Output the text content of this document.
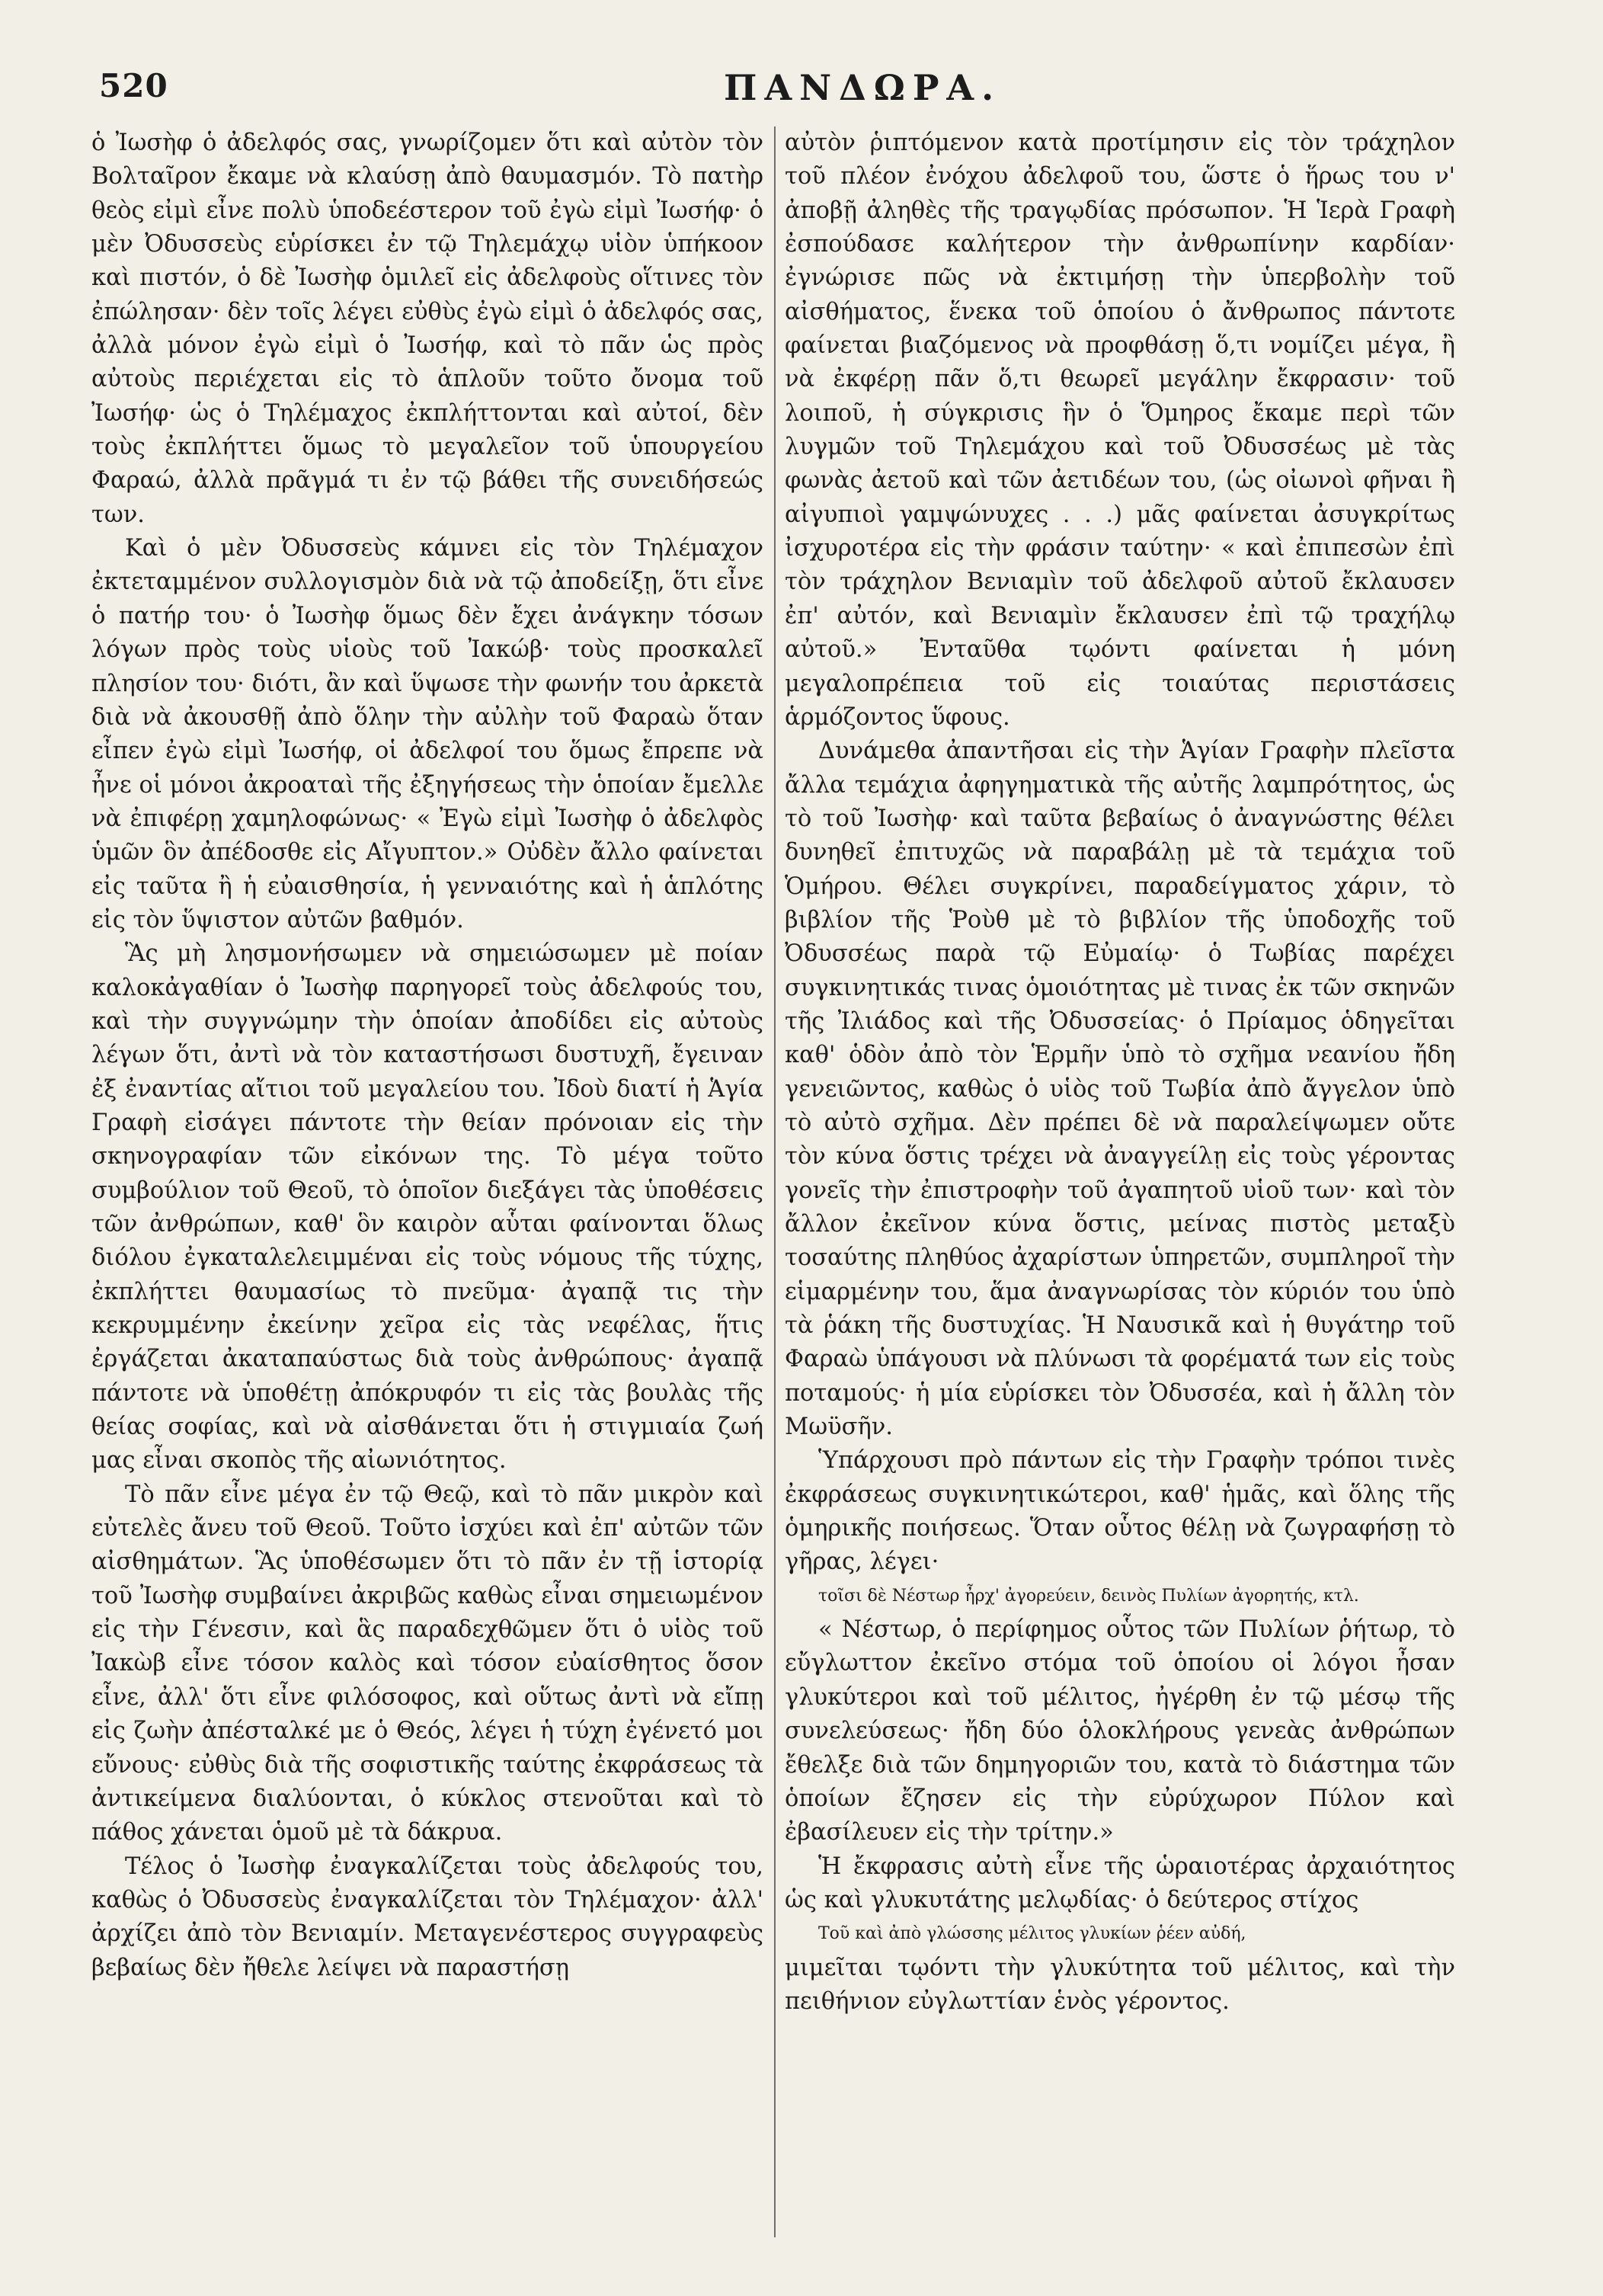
520	ΠΑΝΔΩΡΑ.

ὁ Ἰωσὴφ ὁ ἀδελφός σας, γνωρίζομεν ὅτι καὶ αὐτὸν τὸν Βολταῖρον ἔκαμε νὰ κλαύσῃ ἀπὸ θαυμασμόν. Τὸ πατὴρ θεὸς εἰμὶ εἶνε πολὺ ὑποδεέστερον τοῦ ἐγὼ εἰμὶ Ἰωσήφ· ὁ μὲν Ὀδυσσεὺς εὑρίσκει ἐν τῷ Τηλεμάχῳ υἱὸν ὑπήκοον καὶ πιστόν, ὁ δὲ Ἰωσὴφ ὁμιλεῖ εἰς ἀδελφοὺς οἵτινες τὸν ἐπώλησαν· δὲν τοῖς λέγει εὐθὺς ἐγὼ εἰμὶ ὁ ἀδελφός σας, ἀλλὰ μόνον ἐγὼ εἰμὶ ὁ Ἰωσήφ, καὶ τὸ πᾶν ὡς πρὸς αὐτοὺς περιέχεται εἰς τὸ ἁπλοῦν τοῦτο ὄνομα τοῦ Ἰωσήφ· ὡς ὁ Τηλέμαχος ἐκπλήττονται καὶ αὐτοί, δὲν τοὺς ἐκπλήττει ὅμως τὸ μεγαλεῖον τοῦ ὑπουργείου Φαραώ, ἀλλὰ πρᾶγμά τι ἐν τῷ βάθει τῆς συνειδήσεώς των.

Καὶ ὁ μὲν Ὀδυσσεὺς κάμνει εἰς τὸν Τηλέμαχον ἐκτεταμμένον συλλογισμὸν διὰ νὰ τῷ ἀποδείξῃ, ὅτι εἶνε ὁ πατήρ του· ὁ Ἰωσὴφ ὅμως δὲν ἔχει ἀνάγκην τόσων λόγων πρὸς τοὺς υἱοὺς τοῦ Ἰακώβ· τοὺς προσκαλεῖ πλησίον του· διότι, ἂν καὶ ὕψωσε τὴν φωνήν του ἀρκετὰ διὰ νὰ ἀκουσθῇ ἀπὸ ὅλην τὴν αὐλὴν τοῦ Φαραὼ ὅταν εἶπεν ἐγὼ εἰμὶ Ἰωσήφ, οἱ ἀδελφοί του ὅμως ἔπρεπε νὰ ἦνε οἱ μόνοι ἀκροαταὶ τῆς ἐξηγήσεως τὴν ὁποίαν ἔμελλε νὰ ἐπιφέρῃ χαμηλοφώνως· « Ἐγὼ εἰμὶ Ἰωσὴφ ὁ ἀδελφὸς ὑμῶν ὃν ἀπέδοσθε εἰς Αἴγυπτον.» Οὐδὲν ἄλλο φαίνεται εἰς ταῦτα ἢ ἡ εὐαισθησία, ἡ γενναιότης καὶ ἡ ἁπλότης εἰς τὸν ὕψιστον αὐτῶν βαθμόν.

Ἃς μὴ λησμονήσωμεν νὰ σημειώσωμεν μὲ ποίαν καλοκἀγαθίαν ὁ Ἰωσὴφ παρηγορεῖ τοὺς ἀδελφούς του, καὶ τὴν συγγνώμην τὴν ὁποίαν ἀποδίδει εἰς αὐτοὺς λέγων ὅτι, ἀντὶ νὰ τὸν καταστήσωσι δυστυχῆ, ἔγειναν ἐξ ἐναντίας αἴτιοι τοῦ μεγαλείου του. Ἰδοὺ διατί ἡ Ἁγία Γραφὴ εἰσάγει πάντοτε τὴν θείαν πρόνοιαν εἰς τὴν σκηνογραφίαν τῶν εἰκόνων της. Τὸ μέγα τοῦτο συμβούλιον τοῦ Θεοῦ, τὸ ὁποῖον διεξάγει τὰς ὑποθέσεις τῶν ἀνθρώπων, καθ' ὃν καιρὸν αὗται φαίνονται ὅλως διόλου ἐγκαταλελειμμέναι εἰς τοὺς νόμους τῆς τύχης, ἐκπλήττει θαυμασίως τὸ πνεῦμα· ἀγαπᾷ τις τὴν κεκρυμμένην ἐκείνην χεῖρα εἰς τὰς νεφέλας, ἥτις ἐργάζεται ἀκαταπαύστως διὰ τοὺς ἀνθρώπους· ἀγαπᾷ πάντοτε νὰ ὑποθέτῃ ἀπόκρυφόν τι εἰς τὰς βουλὰς τῆς θείας σοφίας, καὶ νὰ αἰσθάνεται ὅτι ἡ στιγμιαία ζωή μας εἶναι σκοπὸς τῆς αἰωνιότητος.

Τὸ πᾶν εἶνε μέγα ἐν τῷ Θεῷ, καὶ τὸ πᾶν μικρὸν καὶ εὐτελὲς ἄνευ τοῦ Θεοῦ. Τοῦτο ἰσχύει καὶ ἐπ' αὐτῶν τῶν αἰσθημάτων. Ἃς ὑποθέσωμεν ὅτι τὸ πᾶν ἐν τῇ ἱστορίᾳ τοῦ Ἰωσὴφ συμβαίνει ἀκριβῶς καθὼς εἶναι σημειωμένον εἰς τὴν Γένεσιν, καὶ ἃς παραδεχθῶμεν ὅτι ὁ υἱὸς τοῦ Ἰακὼβ εἶνε τόσον καλὸς καὶ τόσον εὐαίσθητος ὅσον εἶνε, ἀλλ' ὅτι εἶνε φιλόσοφος, καὶ οὕτως ἀντὶ νὰ εἴπῃ εἰς ζωὴν ἀπέσταλκέ με ὁ Θεός, λέγει ἡ τύχη ἐγένετό μοι εὔνους· εὐθὺς διὰ τῆς σοφιστικῆς ταύτης ἐκφράσεως τὰ ἀντικείμενα διαλύονται, ὁ κύκλος στενοῦται καὶ τὸ πάθος χάνεται ὁμοῦ μὲ τὰ δάκρυα.

Τέλος ὁ Ἰωσὴφ ἐναγκαλίζεται τοὺς ἀδελφούς του, καθὼς ὁ Ὀδυσσεὺς ἐναγκαλίζεται τὸν Τηλέμαχον· ἀλλ' ἀρχίζει ἀπὸ τὸν Βενιαμίν. Μεταγενέστερος συγγραφεὺς βεβαίως δὲν ἤθελε λείψει νὰ παραστήσῃ

αὐτὸν ῥιπτόμενον κατὰ προτίμησιν εἰς τὸν τράχηλον τοῦ πλέον ἐνόχου ἀδελφοῦ του, ὥστε ὁ ἥρως του ν' ἀποβῇ ἀληθὲς τῆς τραγῳδίας πρόσωπον. Ἡ Ἱερὰ Γραφὴ ἐσπούδασε καλήτερον τὴν ἀνθρωπίνην καρδίαν· ἐγνώρισε πῶς νὰ ἐκτιμήσῃ τὴν ὑπερβολὴν τοῦ αἰσθήματος, ἕνεκα τοῦ ὁποίου ὁ ἄνθρωπος πάντοτε φαίνεται βιαζόμενος νὰ προφθάσῃ ὅ,τι νομίζει μέγα, ἢ νὰ ἐκφέρῃ πᾶν ὅ,τι θεωρεῖ μεγάλην ἔκφρασιν· τοῦ λοιποῦ, ἡ σύγκρισις ἣν ὁ Ὅμηρος ἔκαμε περὶ τῶν λυγμῶν τοῦ Τηλεμάχου καὶ τοῦ Ὀδυσσέως μὲ τὰς φωνὰς ἀετοῦ καὶ τῶν ἀετιδέων του, (ὡς οἰωνοὶ φῆναι ἢ αἰγυπιοὶ γαμψώνυχες . . .) μᾶς φαίνεται ἀσυγκρίτως ἰσχυροτέρα εἰς τὴν φράσιν ταύτην· « καὶ ἐπιπεσὼν ἐπὶ τὸν τράχηλον Βενιαμὶν τοῦ ἀδελφοῦ αὐτοῦ ἔκλαυσεν ἐπ' αὐτόν, καὶ Βενιαμὶν ἔκλαυσεν ἐπὶ τῷ τραχήλῳ αὐτοῦ.» Ἐνταῦθα τῳόντι φαίνεται ἡ μόνη μεγαλοπρέπεια τοῦ εἰς τοιαύτας περιστάσεις ἁρμόζοντος ὕφους.

Δυνάμεθα ἀπαντῆσαι εἰς τὴν Ἁγίαν Γραφὴν πλεῖστα ἄλλα τεμάχια ἀφηγηματικὰ τῆς αὐτῆς λαμπρότητος, ὡς τὸ τοῦ Ἰωσὴφ· καὶ ταῦτα βεβαίως ὁ ἀναγνώστης θέλει δυνηθεῖ ἐπιτυχῶς νὰ παραβάλῃ μὲ τὰ τεμάχια τοῦ Ὁμήρου. Θέλει συγκρίνει, παραδείγματος χάριν, τὸ βιβλίον τῆς Ῥοὺθ μὲ τὸ βιβλίον τῆς ὑποδοχῆς τοῦ Ὀδυσσέως παρὰ τῷ Εὐμαίῳ· ὁ Τωβίας παρέχει συγκινητικάς τινας ὁμοιότητας μὲ τινας ἐκ τῶν σκηνῶν τῆς Ἰλιάδος καὶ τῆς Ὀδυσσείας· ὁ Πρίαμος ὁδηγεῖται καθ' ὁδὸν ἀπὸ τὸν Ἑρμῆν ὑπὸ τὸ σχῆμα νεανίου ἤδη γενειῶντος, καθὼς ὁ υἱὸς τοῦ Τωβία ἀπὸ ἄγγελον ὑπὸ τὸ αὐτὸ σχῆμα. Δὲν πρέπει δὲ νὰ παραλείψωμεν οὔτε τὸν κύνα ὅστις τρέχει νὰ ἀναγγείλῃ εἰς τοὺς γέροντας γονεῖς τὴν ἐπιστροφὴν τοῦ ἀγαπητοῦ υἱοῦ των· καὶ τὸν ἄλλον ἐκεῖνον κύνα ὅστις, μείνας πιστὸς μεταξὺ τοσαύτης πληθύος ἀχαρίστων ὑπηρετῶν, συμπληροῖ τὴν εἱμαρμένην του, ἅμα ἀναγνωρίσας τὸν κύριόν του ὑπὸ τὰ ῥάκη τῆς δυστυχίας. Ἡ Ναυσικᾶ καὶ ἡ θυγάτηρ τοῦ Φαραὼ ὑπάγουσι νὰ πλύνωσι τὰ φορέματά των εἰς τοὺς ποταμούς· ἡ μία εὑρίσκει τὸν Ὀδυσσέα, καὶ ἡ ἄλλη τὸν Μωϋσῆν.

Ὑπάρχουσι πρὸ πάντων εἰς τὴν Γραφὴν τρόποι τινὲς ἐκφράσεως συγκινητικώτεροι, καθ' ἡμᾶς, καὶ ὅλης τῆς ὁμηρικῆς ποιήσεως. Ὅταν οὗτος θέλῃ νὰ ζωγραφήσῃ τὸ γῆρας, λέγει·

τοῖσι δὲ Νέστωρ ἦρχ' ἀγορεύειν, δεινὸς Πυλίων ἀγορητής, κτλ.

« Νέστωρ, ὁ περίφημος οὗτος τῶν Πυλίων ῥήτωρ, τὸ εὔγλωττον ἐκεῖνο στόμα τοῦ ὁποίου οἱ λόγοι ἦσαν γλυκύτεροι καὶ τοῦ μέλιτος, ἠγέρθη ἐν τῷ μέσῳ τῆς συνελεύσεως· ἤδη δύο ὁλοκλήρους γενεὰς ἀνθρώπων ἔθελξε διὰ τῶν δημηγοριῶν του, κατὰ τὸ διάστημα τῶν ὁποίων ἔζησεν εἰς τὴν εὐρύχωρον Πύλον καὶ ἐβασίλευεν εἰς τὴν τρίτην.»

Ἡ ἔκφρασις αὐτὴ εἶνε τῆς ὡραιοτέρας ἀρχαιότητος ὡς καὶ γλυκυτάτης μελῳδίας· ὁ δεύτερος στίχος

Τοῦ καὶ ἀπὸ γλώσσης μέλιτος γλυκίων ῥέεν αὐδή,

μιμεῖται τῳόντι τὴν γλυκύτητα τοῦ μέλιτος, καὶ τὴν πειθήνιον εὐγλωττίαν ἑνὸς γέροντος.
